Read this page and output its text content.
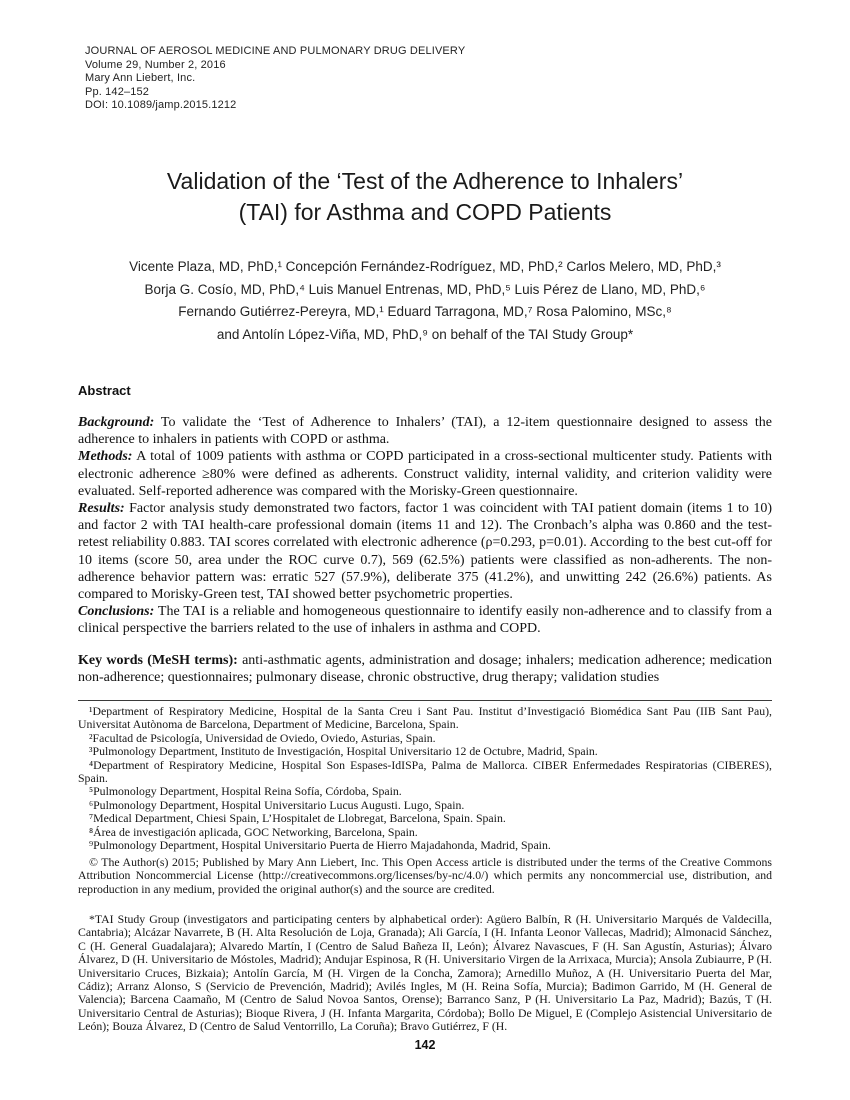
JOURNAL OF AEROSOL MEDICINE AND PULMONARY DRUG DELIVERY
Volume 29, Number 2, 2016
Mary Ann Liebert, Inc.
Pp. 142–152
DOI: 10.1089/jamp.2015.1212
Validation of the ‘Test of the Adherence to Inhalers’
(TAI) for Asthma and COPD Patients
Vicente Plaza, MD, PhD,¹ Concepción Fernández-Rodríguez, MD, PhD,² Carlos Melero, MD, PhD,³
Borja G. Cosío, MD, PhD,⁴ Luis Manuel Entrenas, MD, PhD,⁵ Luis Pérez de Llano, MD, PhD,⁶
Fernando Gutiérrez-Pereyra, MD,¹ Eduard Tarragona, MD,⁷ Rosa Palomino, MSc,⁸
and Antolín López-Viña, MD, PhD,⁹ on behalf of the TAI Study Group*
Abstract

Background: To validate the ‘Test of Adherence to Inhalers’ (TAI), a 12-item questionnaire designed to assess the adherence to inhalers in patients with COPD or asthma.

Methods: A total of 1009 patients with asthma or COPD participated in a cross-sectional multicenter study. Patients with electronic adherence ≥80% were defined as adherents. Construct validity, internal validity, and criterion validity were evaluated. Self-reported adherence was compared with the Morisky-Green questionnaire.

Results: Factor analysis study demonstrated two factors, factor 1 was coincident with TAI patient domain (items 1 to 10) and factor 2 with TAI health-care professional domain (items 11 and 12). The Cronbach’s alpha was 0.860 and the test-retest reliability 0.883. TAI scores correlated with electronic adherence (ρ=0.293, p=0.01). According to the best cut-off for 10 items (score 50, area under the ROC curve 0.7), 569 (62.5%) patients were classified as non-adherents. The non-adherence behavior pattern was: erratic 527 (57.9%), deliberate 375 (41.2%), and unwitting 242 (26.6%) patients. As compared to Morisky-Green test, TAI showed better psychometric properties.

Conclusions: The TAI is a reliable and homogeneous questionnaire to identify easily non-adherence and to classify from a clinical perspective the barriers related to the use of inhalers in asthma and COPD.

Key words (MeSH terms): anti-asthmatic agents, administration and dosage; inhalers; medication adherence; medication non-adherence; questionnaires; pulmonary disease, chronic obstructive, drug therapy; validation studies

¹Department of Respiratory Medicine, Hospital de la Santa Creu i Sant Pau. Institut d’Investigació Biomédica Sant Pau (IIB Sant Pau), Universitat Autònoma de Barcelona, Department of Medicine, Barcelona, Spain.

²Facultad de Psicología, Universidad de Oviedo, Oviedo, Asturias, Spain.

³Pulmonology Department, Instituto de Investigación, Hospital Universitario 12 de Octubre, Madrid, Spain.

⁴Department of Respiratory Medicine, Hospital Son Espases-IdISPa, Palma de Mallorca. CIBER Enfermedades Respiratorias (CIBERES), Spain.

⁵Pulmonology Department, Hospital Reina Sofía, Córdoba, Spain.

⁶Pulmonology Department, Hospital Universitario Lucus Augusti. Lugo, Spain.

⁷Medical Department, Chiesi Spain, L’Hospitalet de Llobregat, Barcelona, Spain. Spain.

⁸Área de investigación aplicada, GOC Networking, Barcelona, Spain.

⁹Pulmonology Department, Hospital Universitario Puerta de Hierro Majadahonda, Madrid, Spain.

© The Author(s) 2015; Published by Mary Ann Liebert, Inc. This Open Access article is distributed under the terms of the Creative Commons Attribution Noncommercial License (http://creativecommons.org/licenses/by-nc/4.0/) which permits any noncommercial use, distribution, and reproduction in any medium, provided the original author(s) and the source are credited.

*TAI Study Group (investigators and participating centers by alphabetical order): Agüero Balbín, R (H. Universitario Marqués de Valdecilla, Cantabria); Alcázar Navarrete, B (H. Alta Resolución de Loja, Granada); Ali García, I (H. Infanta Leonor Vallecas, Madrid); Almonacid Sánchez, C (H. General Guadalajara); Alvaredo Martín, I (Centro de Salud Bañeza II, León); Álvarez Navascues, F (H. San Agustín, Asturias); Álvaro Álvarez, D (H. Universitario de Móstoles, Madrid); Andujar Espinosa, R (H. Universitario Virgen de la Arrixaca, Murcia); Ansola Zubiaurre, P (H. Universitario Cruces, Bizkaia); Antolín García, M (H. Virgen de la Concha, Zamora); Arnedillo Muñoz, A (H. Universitario Puerta del Mar, Cádiz); Arranz Alonso, S (Servicio de Prevención, Madrid); Avilés Ingles, M (H. Reina Sofía, Murcia); Badimon Garrido, M (H. General de Valencia); Barcena Caamaño, M (Centro de Salud Novoa Santos, Orense); Barranco Sanz, P (H. Universitario La Paz, Madrid); Bazús, T (H. Universitario Central de Asturias); Bioque Rivera, J (H. Infanta Margarita, Córdoba); Bollo De Miguel, E (Complejo Asistencial Universitario de León); Bouza Álvarez, D (Centro de Salud Ventorrillo, La Coruña); Bravo Gutiérrez, F (H.

142
